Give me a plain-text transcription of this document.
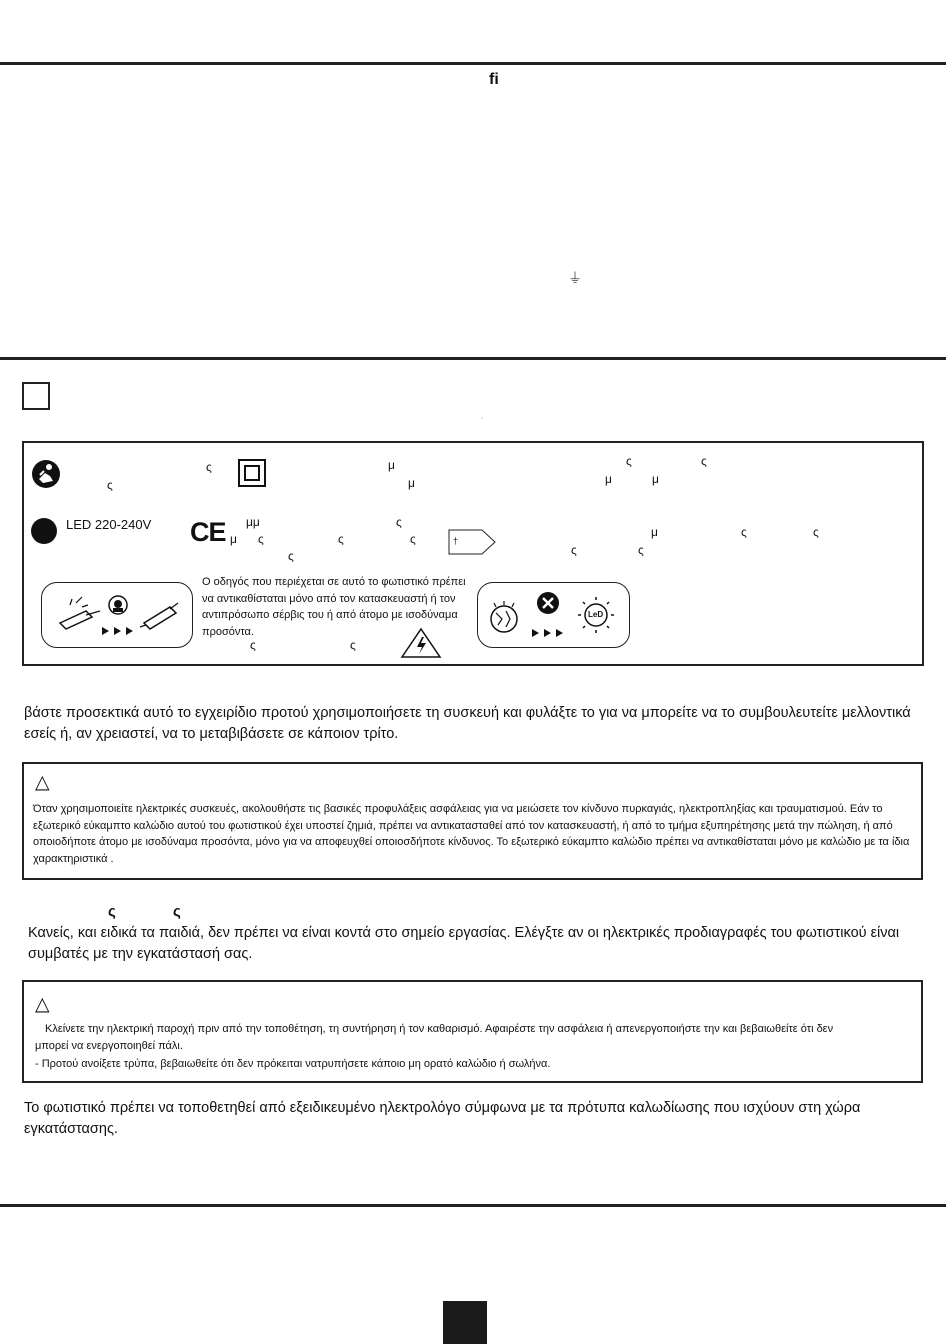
fi
⏚
,
ς
ς
μ
μ
ς	ς
μ	μ
LED 220-240V CE μμ	ς
μ ς	ς	ς
ς
†
μ	ς	ς
ς	ς
Ο οδηγός που περιέχεται σε αυτό το φωτιστικό πρέπει να αντικαθίσταται μόνο από τον κατασκευαστή ή τον αντιπρόσωπο σέρβις του ή από άτομο με ισοδύναμα προσόντα.
ς	ς
LeD
βάστε προσεκτικά αυτό το εγχειρίδιο προτού χρησιμοποιήσετε τη συσκευή και φυλάξτε το για να μπορείτε να το συμβουλευτείτε μελλοντικά εσείς ή, αν χρειαστεί, να το μεταβιβάσετε σε κάποιον τρίτο.
△
Όταν χρησιμοποιείτε ηλεκτρικές συσκευές, ακολουθήστε τις βασικές προφυλάξεις ασφάλειας για να μειώσετε τον κίνδυνο πυρκαγιάς, ηλεκτροπληξίας και τραυματισμού. Εάν το εξωτερικό εύκαμπτο καλώδιο αυτού του φωτιστικού έχει υποστεί ζημιά, πρέπει να αντικατασταθεί από τον κατασκευαστή, ή από το τμήμα εξυπηρέτησης μετά την πώληση, ή από οποιοδήποτε άτομο με ισοδύναμα προσόντα, μόνο για να αποφευχθεί οποιοσδήποτε κίνδυνος. Το εξωτερικό εύκαμπτο καλώδιο πρέπει να αντικαθίσταται μόνο με καλώδιο με τα ίδια χαρακτηριστικά .
ς	ς
Κανείς, και ειδικά τα παιδιά, δεν πρέπει να είναι κοντά στο σημείο εργασίας. Ελέγξτε αν οι ηλεκτρικές προδιαγραφές του φωτιστικού είναι συμβατές με την εγκατάστασή σας.
△
Κλείνετε την ηλεκτρική παροχή πριν από την τοποθέτηση, τη συντήρηση ή τον καθαρισμό. Αφαιρέστε την ασφάλεια ή απενεργοποιήστε την και βεβαιωθείτε ότι δεν μπορεί να ενεργοποιηθεί πάλι.
- Προτού ανοίξετε τρύπα, βεβαιωθείτε ότι δεν πρόκειται νατρυπήσετε κάποιο μη ορατό καλώδιο ή σωλήνα.
Το φωτιστικό πρέπει να τοποθετηθεί από εξειδικευμένο ηλεκτρολόγο σύμφωνα με τα πρότυπα καλωδίωσης που ισχύουν στη χώρα εγκατάστασης.
